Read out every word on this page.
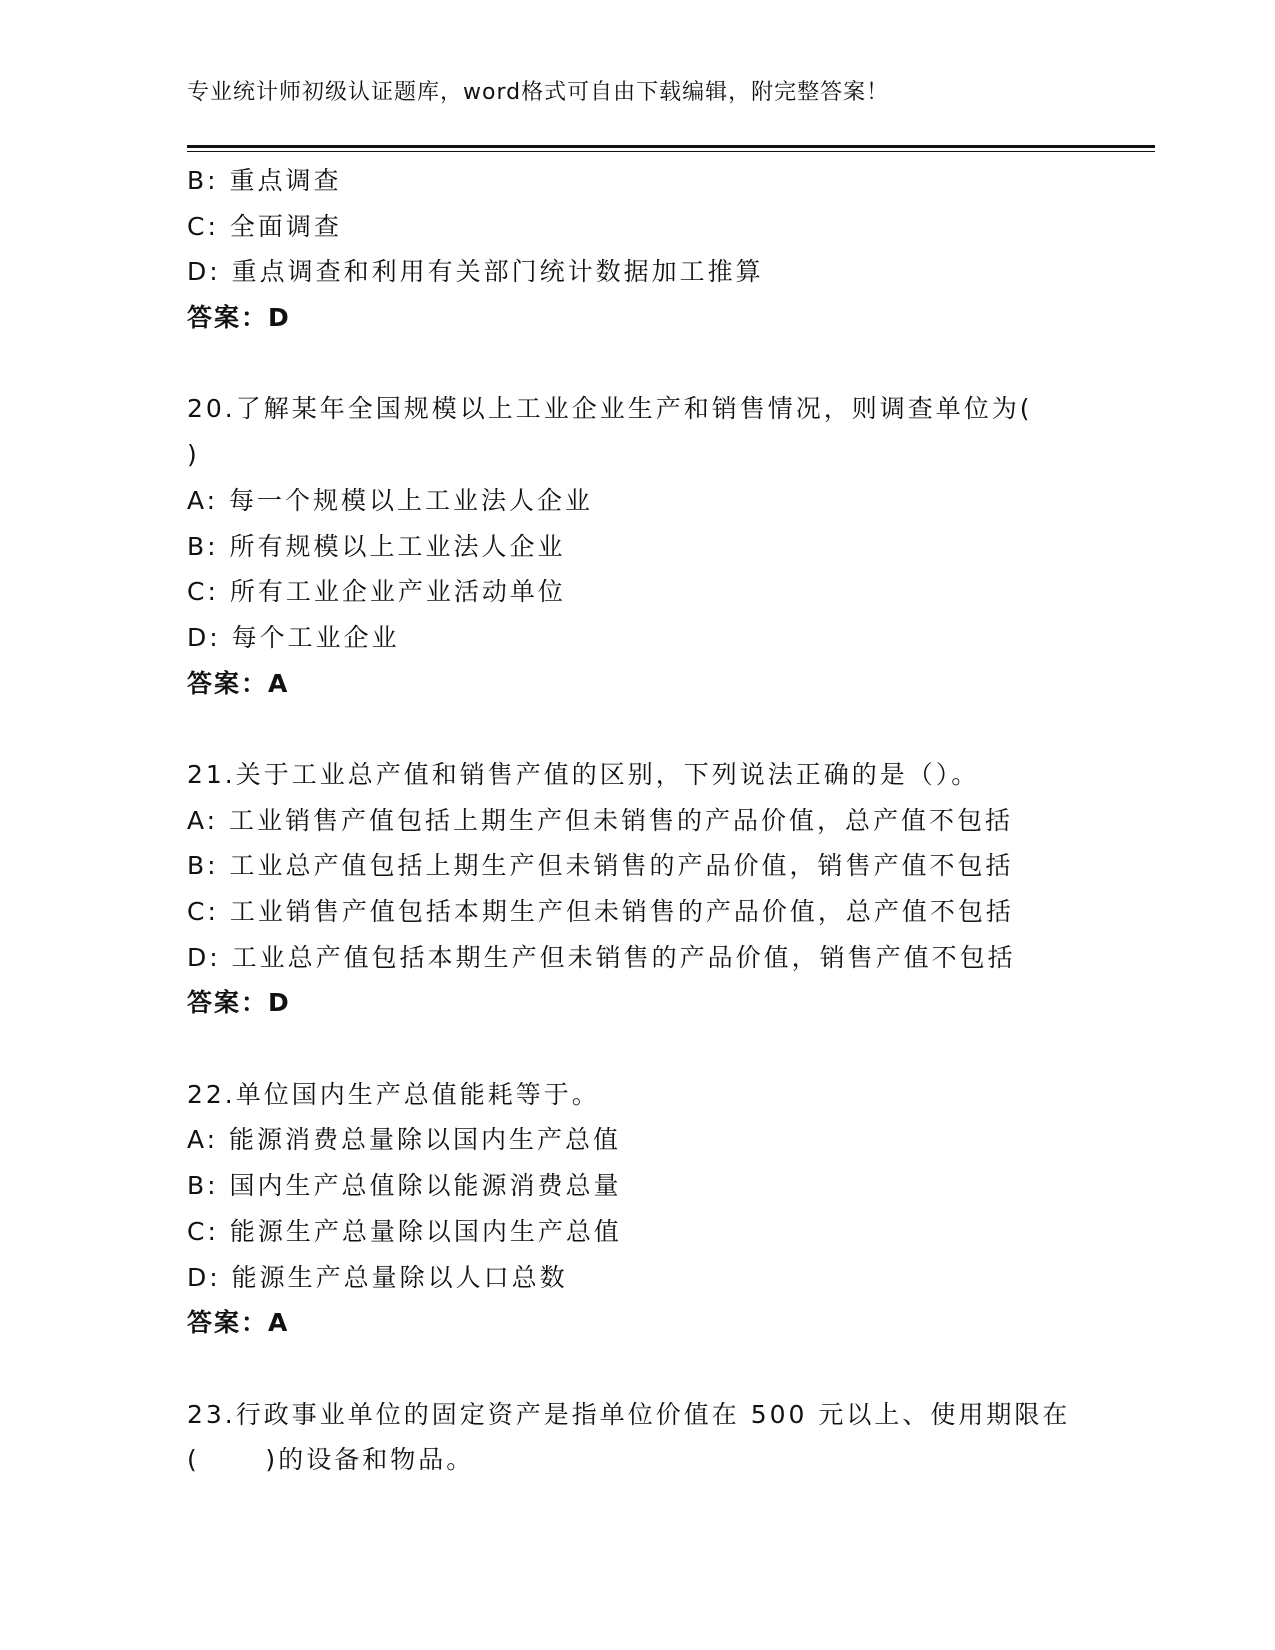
专业统计师初级认证题库，word格式可自由下载编辑，附完整答案！
B: 重点调查
C: 全面调查
D: 重点调查和利用有关部门统计数据加工推算
答案：D
20.了解某年全国规模以上工业企业生产和销售情况，则调查单位为(
)
A: 每一个规模以上工业法人企业
B: 所有规模以上工业法人企业
C: 所有工业企业产业活动单位
D: 每个工业企业
答案：A
21.关于工业总产值和销售产值的区别，下列说法正确的是（）。
A: 工业销售产值包括上期生产但未销售的产品价值，总产值不包括
B: 工业总产值包括上期生产但未销售的产品价值，销售产值不包括
C: 工业销售产值包括本期生产但未销售的产品价值，总产值不包括
D: 工业总产值包括本期生产但未销售的产品价值，销售产值不包括
答案：D
22.单位国内生产总值能耗等于。
A: 能源消费总量除以国内生产总值
B: 国内生产总值除以能源消费总量
C: 能源生产总量除以国内生产总值
D: 能源生产总量除以人口总数
答案：A
23.行政事业单位的固定资产是指单位价值在 500 元以上、使用期限在
(      )的设备和物品。
